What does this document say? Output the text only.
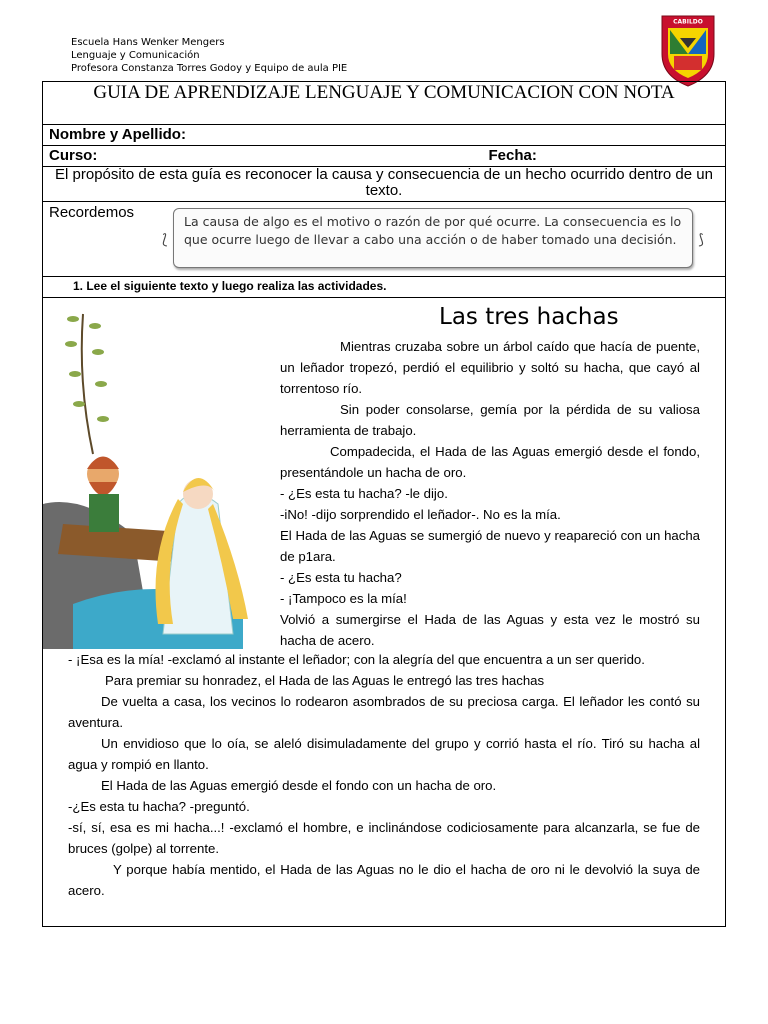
Escuela Hans Wenker Mengers
Lenguaje y Comunicación
Profesora Constanza Torres Godoy y Equipo de aula PIE
CABILDO
GUIA DE APRENDIZAJE LENGUAJE Y COMUNICACION CON NOTA
Nombre y Apellido:
Curso:	Fecha:

El propósito de esta guía es reconocer la causa y consecuencia de un hecho ocurrido dentro de un texto.

Recordemos
⟅
La causa de algo es el motivo o razón de por qué ocurre. La consecuencia es lo que ocurre luego de llevar a cabo una acción o de haber tomado una decisión. ⟆

1. Lee el siguiente texto y luego realiza las actividades.

Las tres hachas

Mientras cruzaba sobre un árbol caído que hacía de puente, un leñador tropezó, perdió el equilibrio y soltó su hacha, que cayó al torrentoso río.

Sin poder consolarse, gemía por la pérdida de su valiosa herramienta de trabajo.

Compadecida, el Hada de las Aguas emergió desde el fondo, presentándole un hacha de oro.

- ¿Es esta tu hacha? -le dijo.

-iNo! -dijo sorprendido el leñador-. No es la mía.

El Hada de las Aguas se sumergió de nuevo y reapareció con un hacha de p1ara.

- ¿Es esta tu hacha?

- ¡Tampoco es la mía!

Volvió a sumergirse el Hada de las Aguas y esta vez le mostró su hacha de acero.

- ¡Esa es la mía! -exclamó al instante el leñador; con la alegría del que encuentra a un ser querido.

Para premiar su honradez, el Hada de las Aguas le entregó las tres hachas

De vuelta a casa, los vecinos lo rodearon asombrados de su preciosa carga. El leñador les contó su aventura.

Un envidioso que lo oía, se aleló disimuladamente del grupo y corrió hasta el río. Tiró su hacha al agua y rompió en llanto.

El Hada de las Aguas emergió desde el fondo con un hacha de oro.

-¿Es esta tu hacha? -preguntó.

-sí, sí, esa es mi hacha...! -exclamó el hombre, e inclinándose codiciosamente para alcanzarla, se fue de bruces (golpe) al torrente.

Y porque había mentido, el Hada de las Aguas no le dio el hacha de oro ni le devolvió la suya de acero.
